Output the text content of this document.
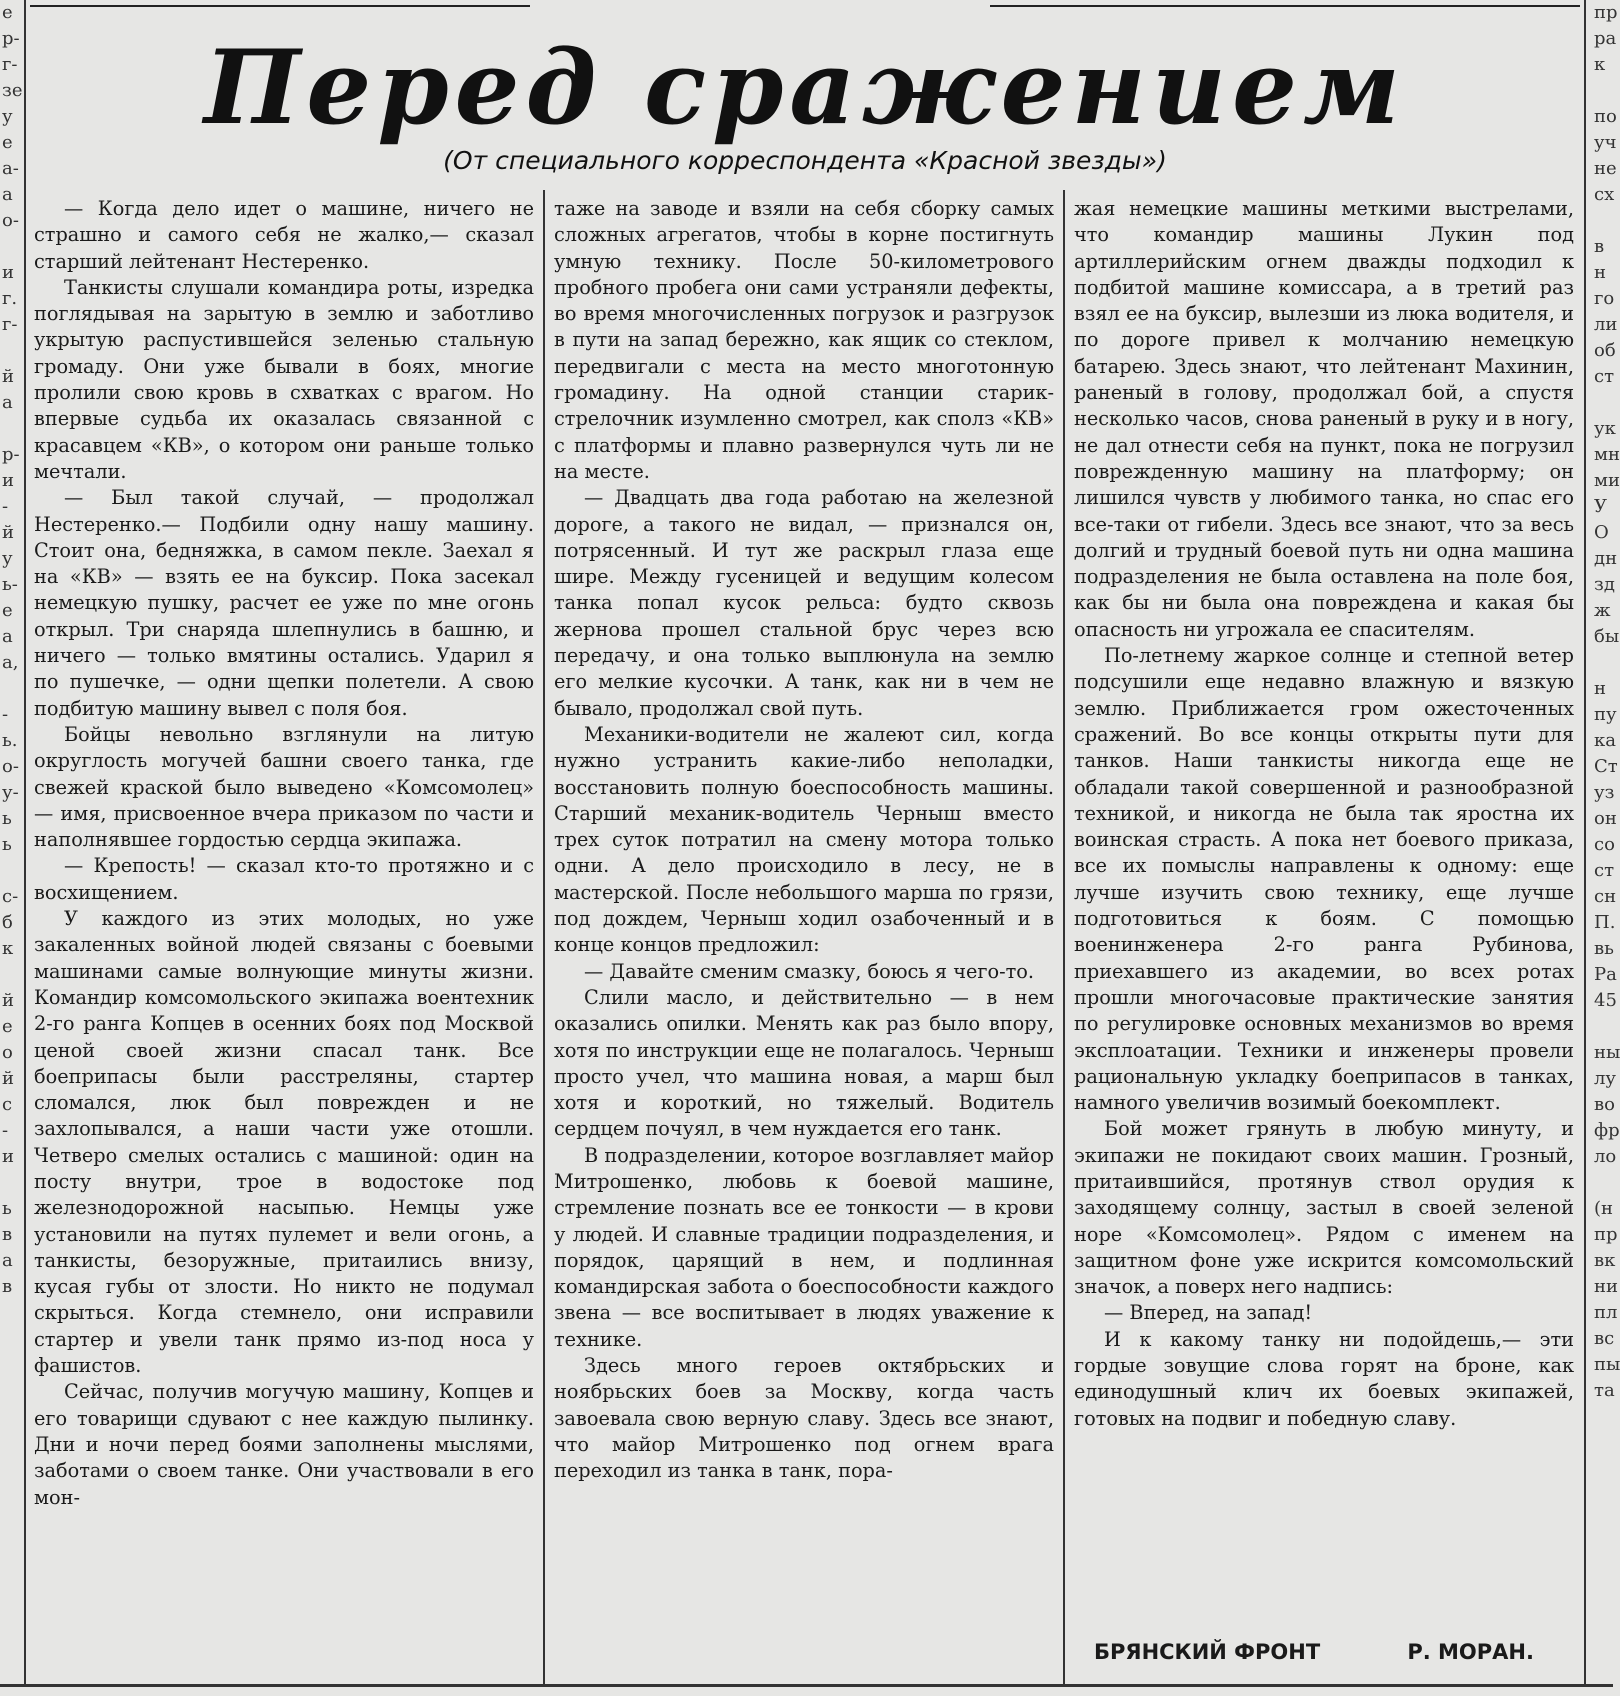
е
р-
г-
зе
у
е
а-
а
о-

и
г.
г-

й
а

р-
и
-
й
у
ь-
е
а
а,

-
ь.
о-
у-
ь
ь

с-
б
к

й
е
о
й
с
-
и

ь
в
а
в
пр
ра
к

по
уч
не
сх

в
н
го
ли
об
ст

ук
мн
ми
У
О
дн
зд
ж
бы

н
пу
ка
Ст
уз
он
со
ст
сн
П.
вь
Ра
45

ны
лу
во
фр
ло

(н
пр
вк
ни
пл
вс
пы
та
Перед сражением
(От специального корреспондента «Красной звезды»)

— Когда дело идет о машине, ничего не страшно и самого себя не жалко,— сказал старший лейтенант Нестеренко.

Танкисты слушали командира роты, изредка поглядывая на зарытую в землю и заботливо укрытую распустившейся зеленью стальную громаду. Они уже бывали в боях, многие пролили свою кровь в схватках с врагом. Но впервые судьба их оказалась связанной с красавцем «КВ», о котором они раньше только мечтали.

— Был такой случай, — продолжал Нестеренко.— Подбили одну нашу машину. Стоит она, бедняжка, в самом пекле. Заехал я на «КВ» — взять ее на буксир. Пока засекал немецкую пушку, расчет ее уже по мне огонь открыл. Три снаряда шлепнулись в башню, и ничего — только вмятины остались. Ударил я по пушечке, — одни щепки полетели. А свою подбитую машину вывел с поля боя.

Бойцы невольно взглянули на литую округлость могучей башни своего танка, где свежей краской было выведено «Комсомолец» — имя, присвоенное вчера приказом по части и наполнявшее гордостью сердца экипажа.

— Крепость! — сказал кто-то протяжно и с восхищением.

У каждого из этих молодых, но уже закаленных войной людей связаны с боевыми машинами самые волнующие минуты жизни. Командир комсомольского экипажа воентехник 2-го ранга Копцев в осенних боях под Москвой ценой своей жизни спасал танк. Все боеприпасы были расстреляны, стартер сломался, люк был поврежден и не захлопывался, а наши части уже отошли. Четверо смелых остались с машиной: один на посту внутри, трое в водостоке под железнодорожной насыпью. Немцы уже установили на путях пулемет и вели огонь, а танкисты, безоружные, притаились внизу, кусая губы от злости. Но никто не подумал скрыться. Когда стемнело, они исправили стартер и увели танк прямо из-под носа у фашистов.

Сейчас, получив могучую машину, Копцев и его товарищи сдувают с нее каждую пылинку. Дни и ночи перед боями заполнены мыслями, заботами о своем танке. Они участвовали в его мон-

таже на заводе и взяли на себя сборку самых сложных агрегатов, чтобы в корне постигнуть умную технику. После 50-километрового пробного пробега они сами устраняли дефекты, во время многочисленных погрузок и разгрузок в пути на запад бережно, как ящик со стеклом, передвигали с места на место многотонную громадину. На одной станции старик-стрелочник изумленно смотрел, как сполз «КВ» с платформы и плавно развернулся чуть ли не на месте.

— Двадцать два года работаю на железной дороге, а такого не видал, — признался он, потрясенный. И тут же раскрыл глаза еще шире. Между гусеницей и ведущим колесом танка попал кусок рельса: будто сквозь жернова прошел стальной брус через всю передачу, и она только выплюнула на землю его мелкие кусочки. А танк, как ни в чем не бывало, продолжал свой путь.

Механики-водители не жалеют сил, когда нужно устранить какие-либо неполадки, восстановить полную боеспособность машины. Старший механик-водитель Черныш вместо трех суток потратил на смену мотора только одни. А дело происходило в лесу, не в мастерской. После небольшого марша по грязи, под дождем, Черныш ходил озабоченный и в конце концов предложил:

— Давайте сменим смазку, боюсь я чего-то.

Слили масло, и действительно — в нем оказались опилки. Менять как раз было впору, хотя по инструкции еще не полагалось. Черныш просто учел, что машина новая, а марш был хотя и короткий, но тяжелый. Водитель сердцем почуял, в чем нуждается его танк.

В подразделении, которое возглавляет майор Митрошенко, любовь к боевой машине, стремление познать все ее тонкости — в крови у людей. И славные традиции подразделения, и порядок, царящий в нем, и подлинная командирская забота о боеспособности каждого звена — все воспитывает в людях уважение к технике.

Здесь много героев октябрьских и ноябрьских боев за Москву, когда часть завоевала свою верную славу. Здесь все знают, что майор Митрошенко под огнем врага переходил из танка в танк, пора-

жая немецкие машины меткими выстрелами, что командир машины Лукин под артиллерийским огнем дважды подходил к подбитой машине комиссара, а в третий раз взял ее на буксир, вылезши из люка водителя, и по дороге привел к молчанию немецкую батарею. Здесь знают, что лейтенант Махинин, раненый в голову, продолжал бой, а спустя несколько часов, снова раненый в руку и в ногу, не дал отнести себя на пункт, пока не погрузил поврежденную машину на платформу; он лишился чувств у любимого танка, но спас его все-таки от гибели. Здесь все знают, что за весь долгий и трудный боевой путь ни одна машина подразделения не была оставлена на поле боя, как бы ни была она повреждена и какая бы опасность ни угрожала ее спасителям.

По-летнему жаркое солнце и степной ветер подсушили еще недавно влажную и вязкую землю. Приближается гром ожесточенных сражений. Во все концы открыты пути для танков. Наши танкисты никогда еще не обладали такой совершенной и разнообразной техникой, и никогда не была так яростна их воинская страсть. А пока нет боевого приказа, все их помыслы направлены к одному: еще лучше изучить свою технику, еще лучше подготовиться к боям. С помощью военинженера 2-го ранга Рубинова, приехавшего из академии, во всех ротах прошли многочасовые практические занятия по регулировке основных механизмов во время эксплоатации. Техники и инженеры провели рациональную укладку боеприпасов в танках, намного увеличив возимый боекомплект.

Бой может грянуть в любую минуту, и экипажи не покидают своих машин. Грозный, притаившийся, протянув ствол орудия к заходящему солнцу, застыл в своей зеленой норе «Комсомолец». Рядом с именем на защитном фоне уже искрится комсомольский значок, а поверх него надпись:

— Вперед, на запад!

И к какому танку ни подойдешь,— эти гордые зовущие слова горят на броне, как единодушный клич их боевых экипажей, готовых на подвиг и победную славу.

БРЯНСКИЙ ФРОНТ	Р. МОРАН.
